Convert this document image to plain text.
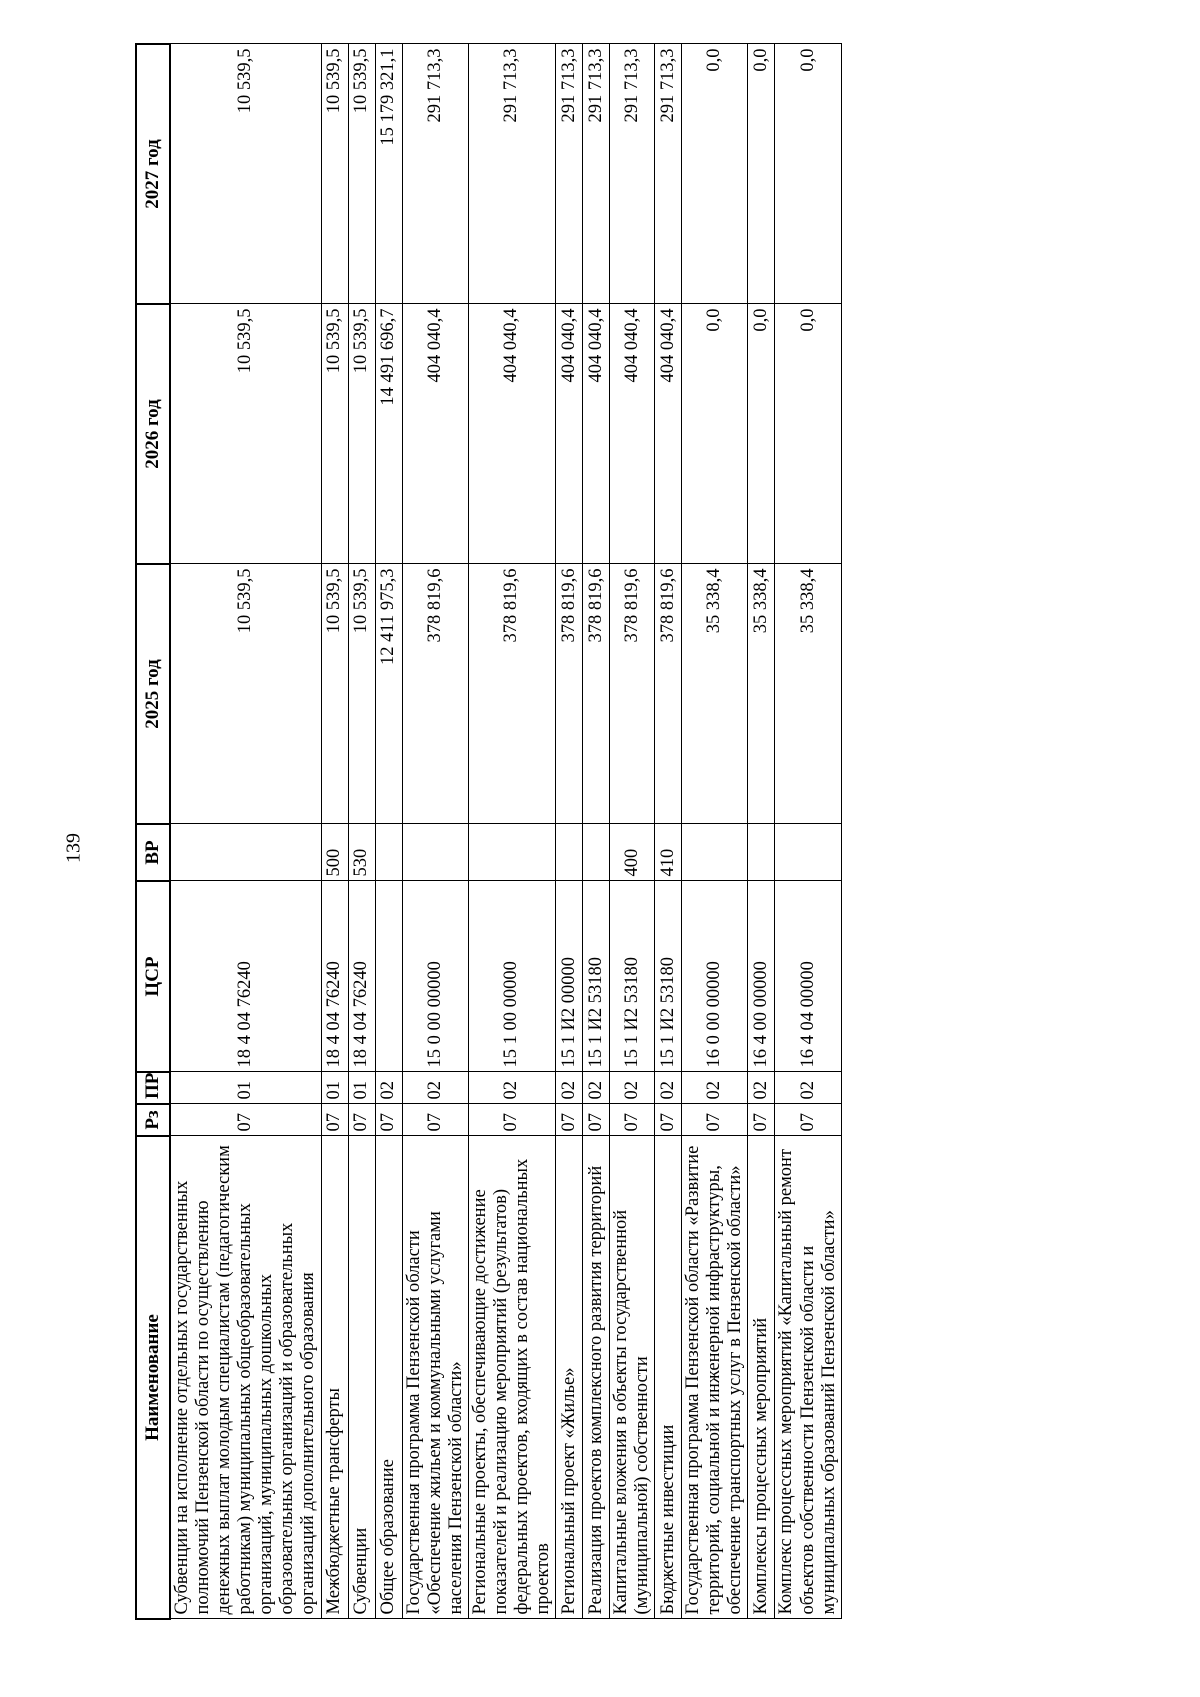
139
Наименование	Рз	ПР	ЦСР	ВР	2025 год	2026 год	2027 год
Субвенции на исполнение отдельных государственных полномочий Пензенской области по осуществлению денежных выплат молодым специалистам (педагогическим работникам) муниципальных общеобразовательных организаций, муниципальных дошкольных образовательных организаций и образовательных организаций дополнительного образования	07	01	18 4 04 76240		10 539,5	10 539,5	10 539,5
Межбюджетные трансферты	07	01	18 4 04 76240	500	10 539,5	10 539,5	10 539,5
Субвенции	07	01	18 4 04 76240	530	10 539,5	10 539,5	10 539,5
Общее образование	07	02			12 411 975,3	14 491 696,7	15 179 321,1
Государственная программа Пензенской области «Обеспечение жильем и коммунальными услугами населения Пензенской области»	07	02	15 0 00 00000		378 819,6	404 040,4	291 713,3
Региональные проекты, обеспечивающие достижение показателей и реализацию мероприятий (результатов) федеральных проектов, входящих в состав национальных проектов	07	02	15 1 00 00000		378 819,6	404 040,4	291 713,3
Региональный проект «Жилье»	07	02	15 1 И2 00000		378 819,6	404 040,4	291 713,3
Реализация проектов комплексного развития территорий	07	02	15 1 И2 53180		378 819,6	404 040,4	291 713,3
Капитальные вложения в объекты государственной (муниципальной) собственности	07	02	15 1 И2 53180	400	378 819,6	404 040,4	291 713,3
Бюджетные инвестиции	07	02	15 1 И2 53180	410	378 819,6	404 040,4	291 713,3
Государственная программа Пензенской области «Развитие территорий, социальной и инженерной инфраструктуры, обеспечение транспортных услуг в Пензенской области»	07	02	16 0 00 00000		35 338,4	0,0	0,0
Комплексы процессных мероприятий	07	02	16 4 00 00000		35 338,4	0,0	0,0
Комплекс процессных мероприятий «Капитальный ремонт объектов собственности Пензенской области и муниципальных образований Пензенской области»	07	02	16 4 04 00000		35 338,4	0,0	0,0
